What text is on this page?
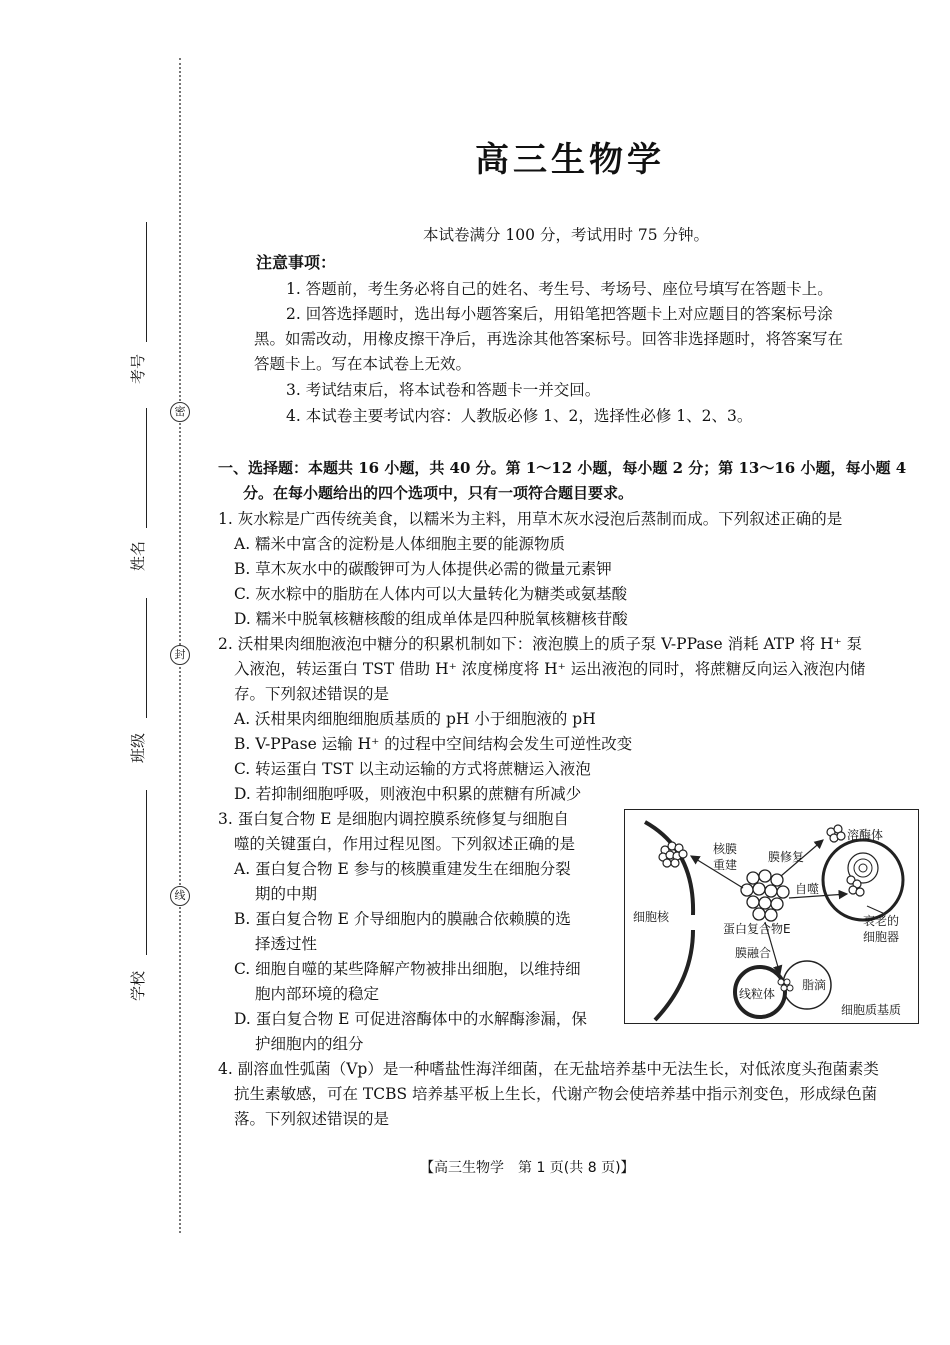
密
封
线
考号
姓名
班级
学校
高三生物学
本试卷满分 100 分，考试用时 75 分钟。
注意事项：
1. 答题前，考生务必将自己的姓名、考生号、考场号、座位号填写在答题卡上。
2. 回答选择题时，选出每小题答案后，用铅笔把答题卡上对应题目的答案标号涂
黑。如需改动，用橡皮擦干净后，再选涂其他答案标号。回答非选择题时，将答案写在
答题卡上。写在本试卷上无效。
3. 考试结束后，将本试卷和答题卡一并交回。
4. 本试卷主要考试内容：人教版必修 1、2，选择性必修 1、2、3。
一、选择题：本题共 16 小题，共 40 分。第 1～12 小题，每小题 2 分；第 13～16 小题，每小题 4
分。在每小题给出的四个选项中，只有一项符合题目要求。
1. 灰水粽是广西传统美食，以糯米为主料，用草木灰水浸泡后蒸制而成。下列叙述正确的是
A. 糯米中富含的淀粉是人体细胞主要的能源物质
B. 草木灰水中的碳酸钾可为人体提供必需的微量元素钾
C. 灰水粽中的脂肪在人体内可以大量转化为糖类或氨基酸
D. 糯米中脱氧核糖核酸的组成单体是四种脱氧核糖核苷酸
2. 沃柑果肉细胞液泡中糖分的积累机制如下：液泡膜上的质子泵 V-PPase 消耗 ATP 将 H⁺ 泵
入液泡，转运蛋白 TST 借助 H⁺ 浓度梯度将 H⁺ 运出液泡的同时，将蔗糖反向运入液泡内储
存。下列叙述错误的是
A. 沃柑果肉细胞细胞质基质的 pH 小于细胞液的 pH
B. V-PPase 运输 H⁺ 的过程中空间结构会发生可逆性改变
C. 转运蛋白 TST 以主动运输的方式将蔗糖运入液泡
D. 若抑制细胞呼吸，则液泡中积累的蔗糖有所减少
3. 蛋白复合物 E 是细胞内调控膜系统修复与细胞自
噬的关键蛋白，作用过程见图。下列叙述正确的是
A. 蛋白复合物 E 参与的核膜重建发生在细胞分裂
期的中期
B. 蛋白复合物 E 介导细胞内的膜融合依赖膜的选
择透过性
C. 细胞自噬的某些降解产物被排出细胞，以维持细
胞内部环境的稳定
D. 蛋白复合物 E 可促进溶酶体中的水解酶渗漏，保
护细胞内的组分
核膜
重建
膜修复
溶酶体
自噬
细胞核
蛋白复合物E
衰老的
细胞器
膜融合
线粒体
脂滴
细胞质基质
4. 副溶血性弧菌（Vp）是一种嗜盐性海洋细菌，在无盐培养基中无法生长，对低浓度头孢菌素类
抗生素敏感，可在 TCBS 培养基平板上生长，代谢产物会使培养基中指示剂变色，形成绿色菌
落。下列叙述错误的是
【高三生物学　第 1 页(共 8 页)】
